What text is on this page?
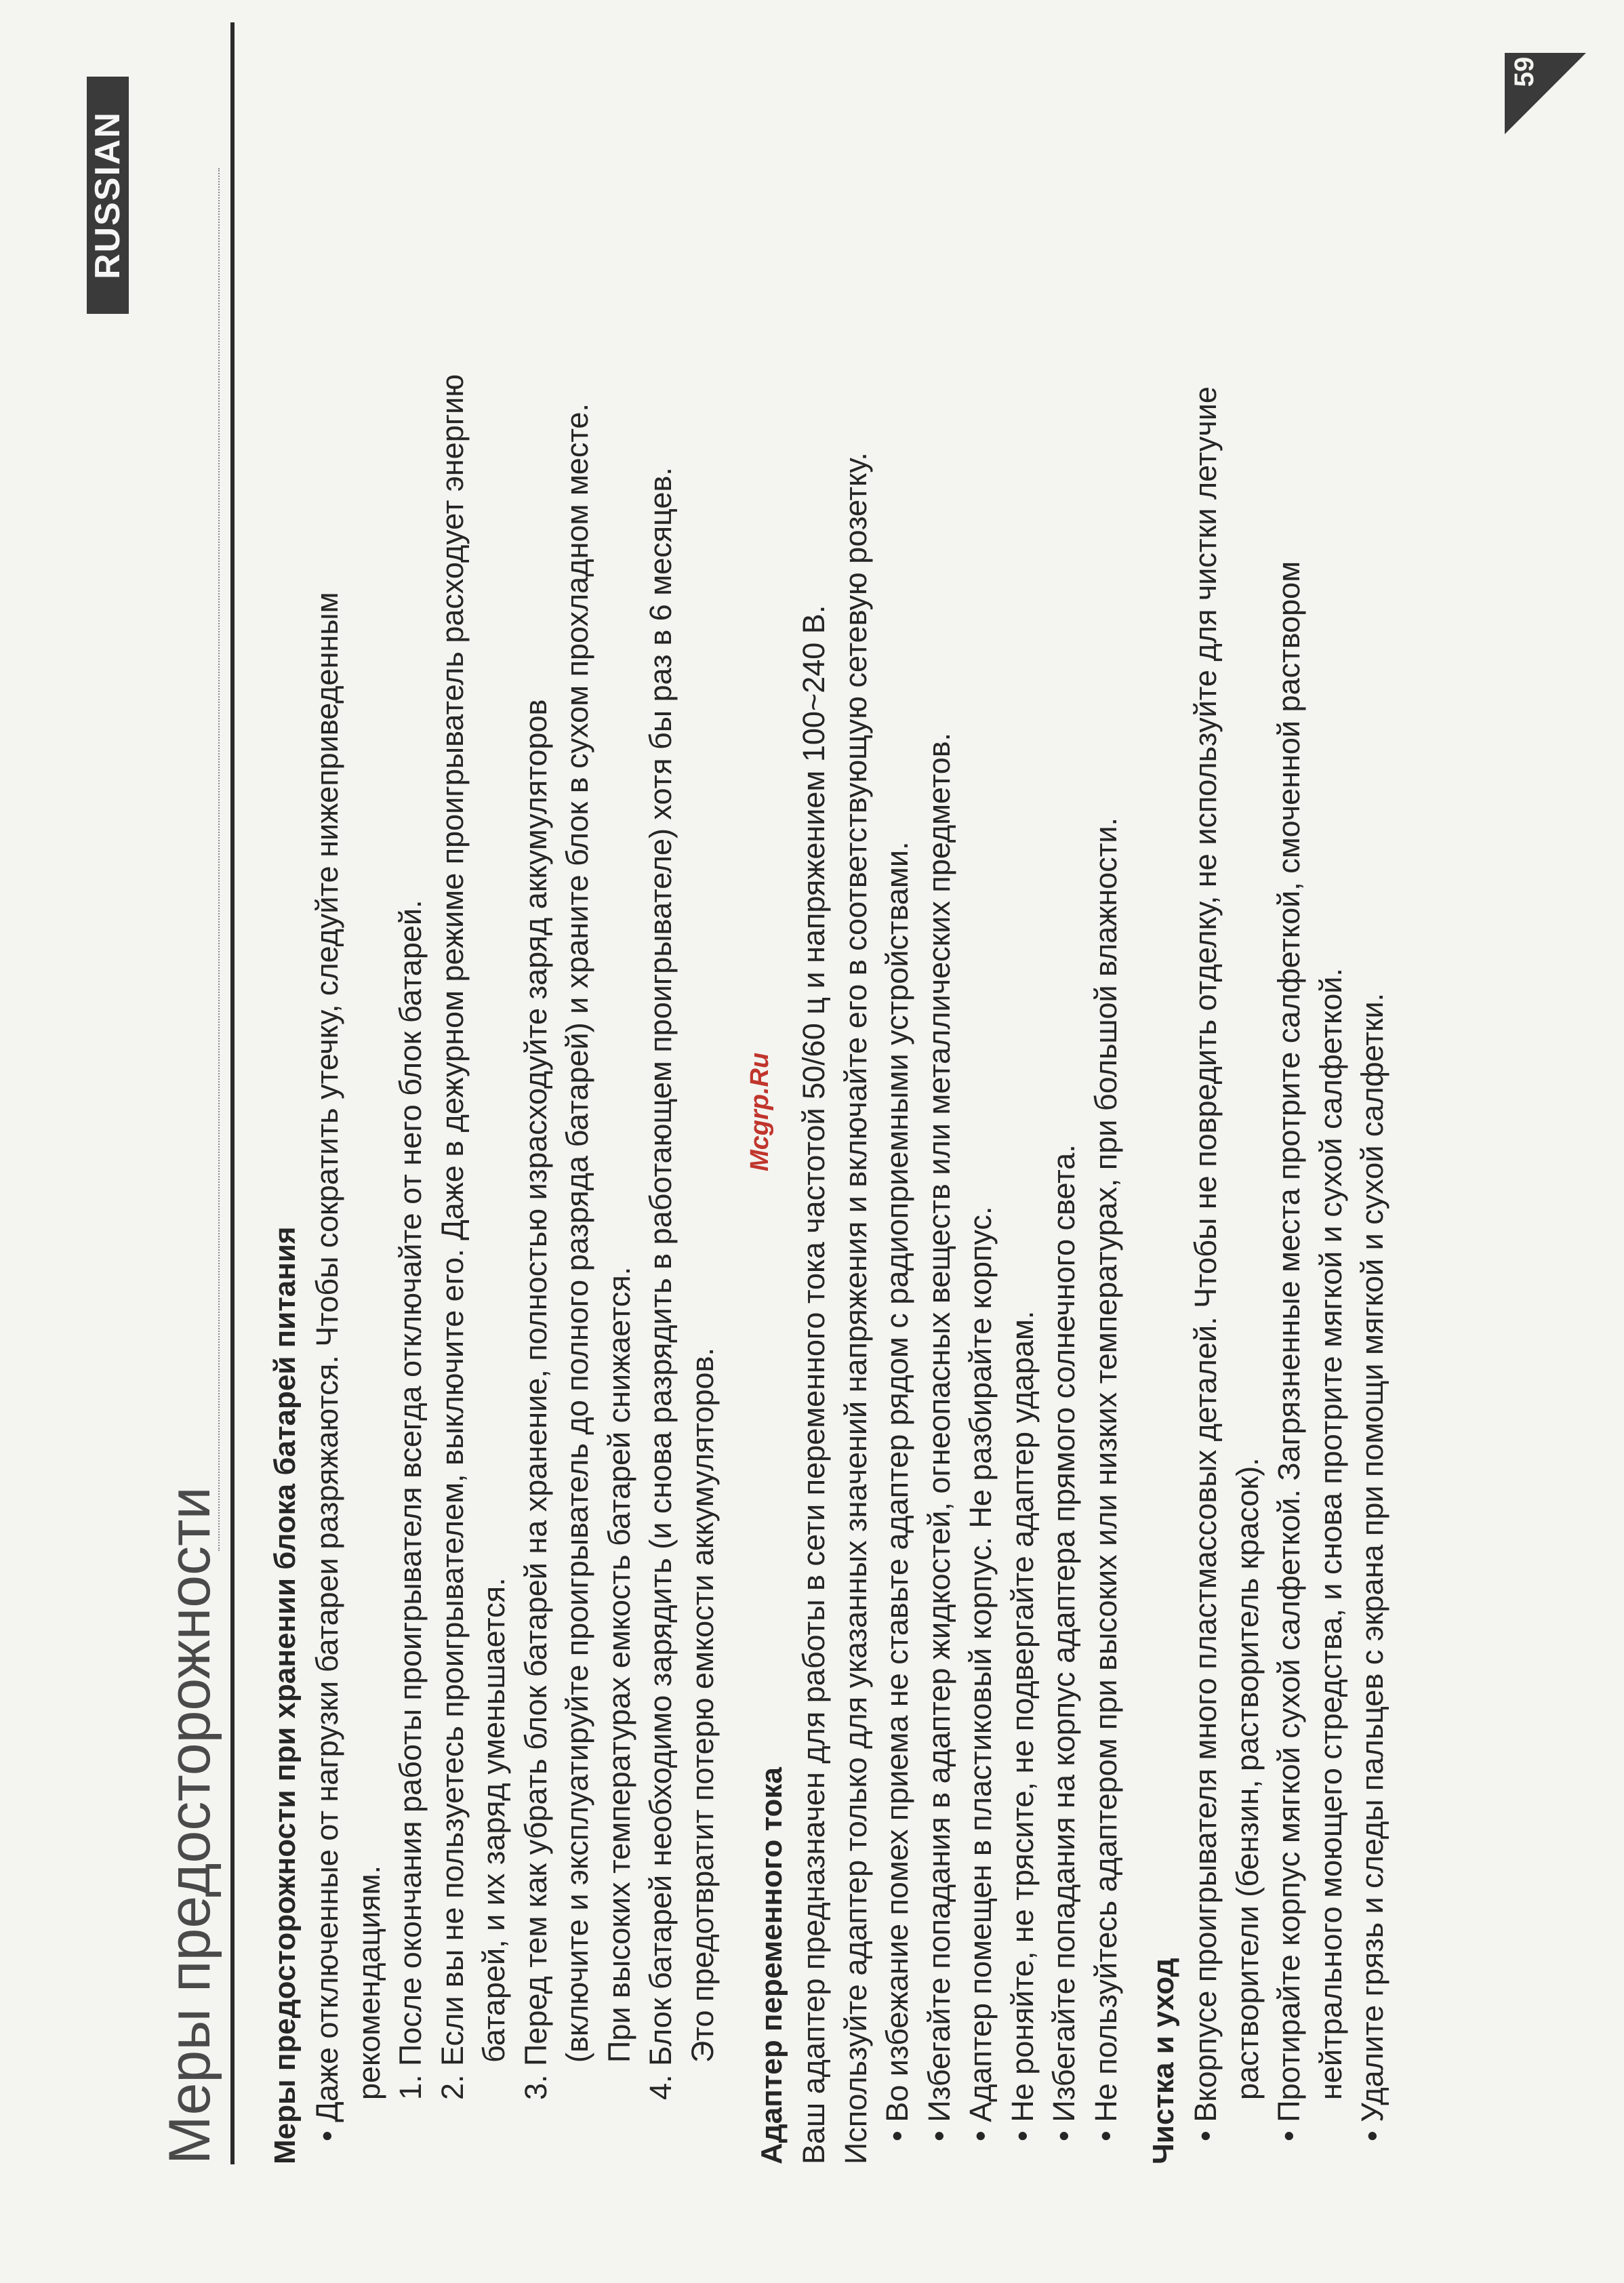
RUSSIAN
Меры предосторожности
59
Mcgrp.Ru
Меры предосторожности при хранении блока батарей питания • Даже отключенные от нагрузки батареи разряжаются. Чтобы сократить утечку, следуйте нижеприведенным рекомендациям. 1. После окончания работы проигрывателя всегда отключайте от него блок батарей. 2. Если вы не пользуетесь проигрывателем, выключите его. Даже в дежурном режиме проигрыватель расходует энергию батарей, и их заряд уменьшается. 3. Перед тем как убрать блок батарей на хранение, полностью израсходуйте заряд аккумуляторов (включите и эксплуатируйте проигрыватель до полного разряда батарей) и храните блок в сухом прохладном месте. При высоких температурах емкость батарей снижается. 4. Блок батарей необходимо зарядить (и снова разрядить в работающем проигрывателе) хотя бы раз в 6 месяцев. Это предотвратит потерю емкости аккумуляторов. Адаптер переменного тока Ваш адаптер предназначен для работы в сети переменного тока частотой 50/60 ц и напряжением 100~240 В. Используйте адаптер только для указанных значений напряжения и включайте его в соответствующую сетевую розетку. • Во избежание помех приема не ставьте адаптер рядом с радиоприемными устройствами. • Избегайте попадания в адаптер жидкостей, огнеопасных веществ или металлических предметов. • Адаптер помещен в пластиковый корпус. Не разбирайте корпус. • Не роняйте, не трясите, не подвергайте адаптер ударам. • Избегайте попадания на корпус адаптера прямого солнечного света. • Не пользуйтесь адаптером при высоких или низких температурах, при большой влажности. Чистка и уход • Вкорпусе проигрывателя много пластмассовых деталей. Чтобы не повредить отделку, не используйте для чистки летучие растворители (бензин, растворитель красок). • Протирайте корпус мягкой сухой салфеткой. Загрязненные места протрите салфеткой, смоченной раствором нейтрального моющего стредства, и снова протрите мягкой и сухой салфеткой. • Удалите грязь и следы пальцев с экрана при помощи мягкой и сухой салфетки.
